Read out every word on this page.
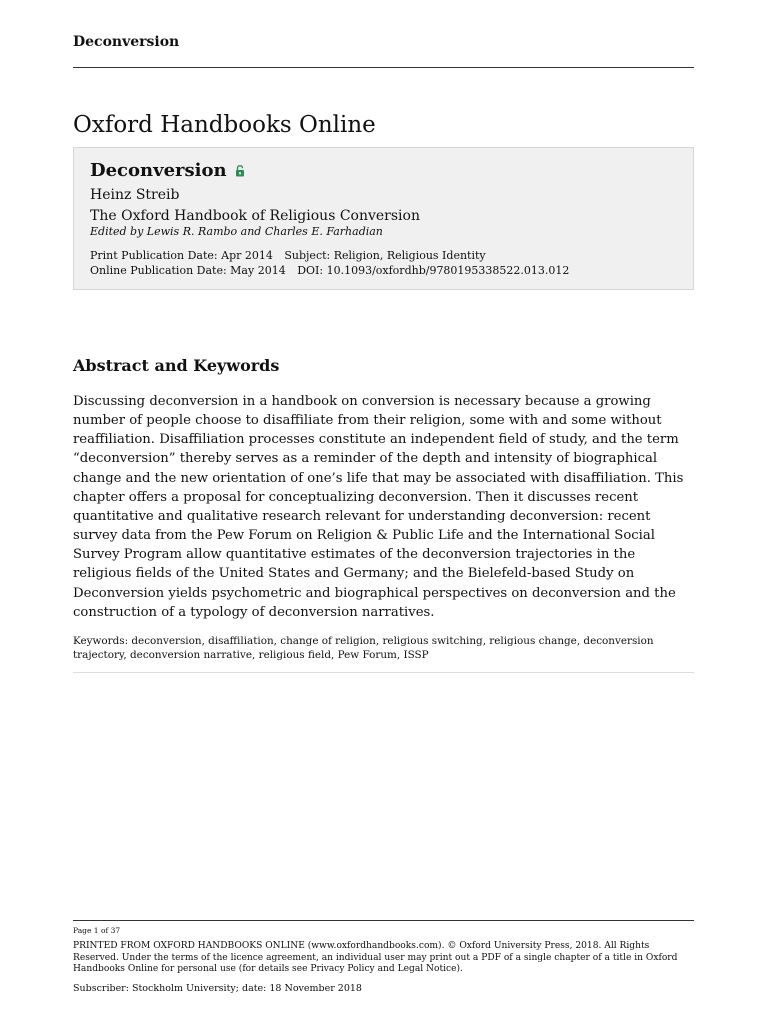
Deconversion
Oxford Handbooks Online
Deconversion
Heinz Streib
The Oxford Handbook of Religious Conversion
Edited by Lewis R. Rambo and Charles E. Farhadian
Print Publication Date: Apr 2014 Subject: Religion, Religious Identity
Online Publication Date: May 2014 DOI: 10.1093/oxfordhb/9780195338522.013.012
Abstract and Keywords

Discussing deconversion in a handbook on conversion is necessary because a growing number of people choose to disaffiliate from their religion, some with and some without reaffiliation. Disaffiliation processes constitute an independent field of study, and the term “deconversion” thereby serves as a reminder of the depth and intensity of biographical change and the new orientation of one’s life that may be associated with disaffiliation. This chapter offers a proposal for conceptualizing deconversion. Then it discusses recent quantitative and qualitative research relevant for understanding deconversion: recent survey data from the Pew Forum on Religion & Public Life and the International Social Survey Program allow quantitative estimates of the deconversion trajectories in the religious fields of the United States and Germany; and the Bielefeld-based Study on Deconversion yields psychometric and biographical perspectives on deconversion and the construction of a typology of deconversion narratives.

Keywords: deconversion, disaffiliation, change of religion, religious switching, religious change, deconversion trajectory, deconversion narrative, religious field, Pew Forum, ISSP

Page 1 of 37

PRINTED FROM OXFORD HANDBOOKS ONLINE (www.oxfordhandbooks.com). © Oxford University Press, 2018. All Rights Reserved. Under the terms of the licence agreement, an individual user may print out a PDF of a single chapter of a title in Oxford Handbooks Online for personal use (for details see Privacy Policy and Legal Notice).

Subscriber: Stockholm University; date: 18 November 2018
